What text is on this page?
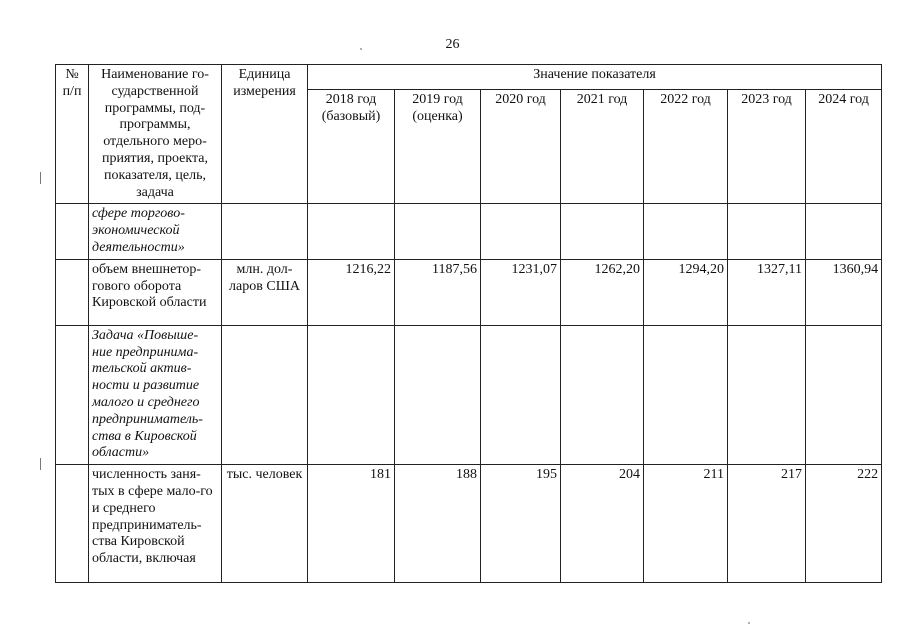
26
№ п/п	Наименование го-сударственной программы, под-программы, отдельного меро-приятия, проекта, показателя, цель, задача	Единица измерения	Значение показателя						
			2018 год (базовый)	2019 год (оценка)	2020 год	2021 год	2022 год	2023 год	2024 год
	сфере торгово-экономической деятельности»								
	объем внешнетор-гового оборота Кировской области	млн. дол-ларов США	1216,22	1187,56	1231,07	1262,20	1294,20	1327,11	1360,94
	Задача «Повыше-ние предпринима-тельской актив-ности и развитие малого и среднего предприниматель-ства в Кировской области»								
	численность заня-тых в сфере мало-го и среднего предприниматель-ства Кировской области, включая	тыс. человек	181	188	195	204	211	217	222
